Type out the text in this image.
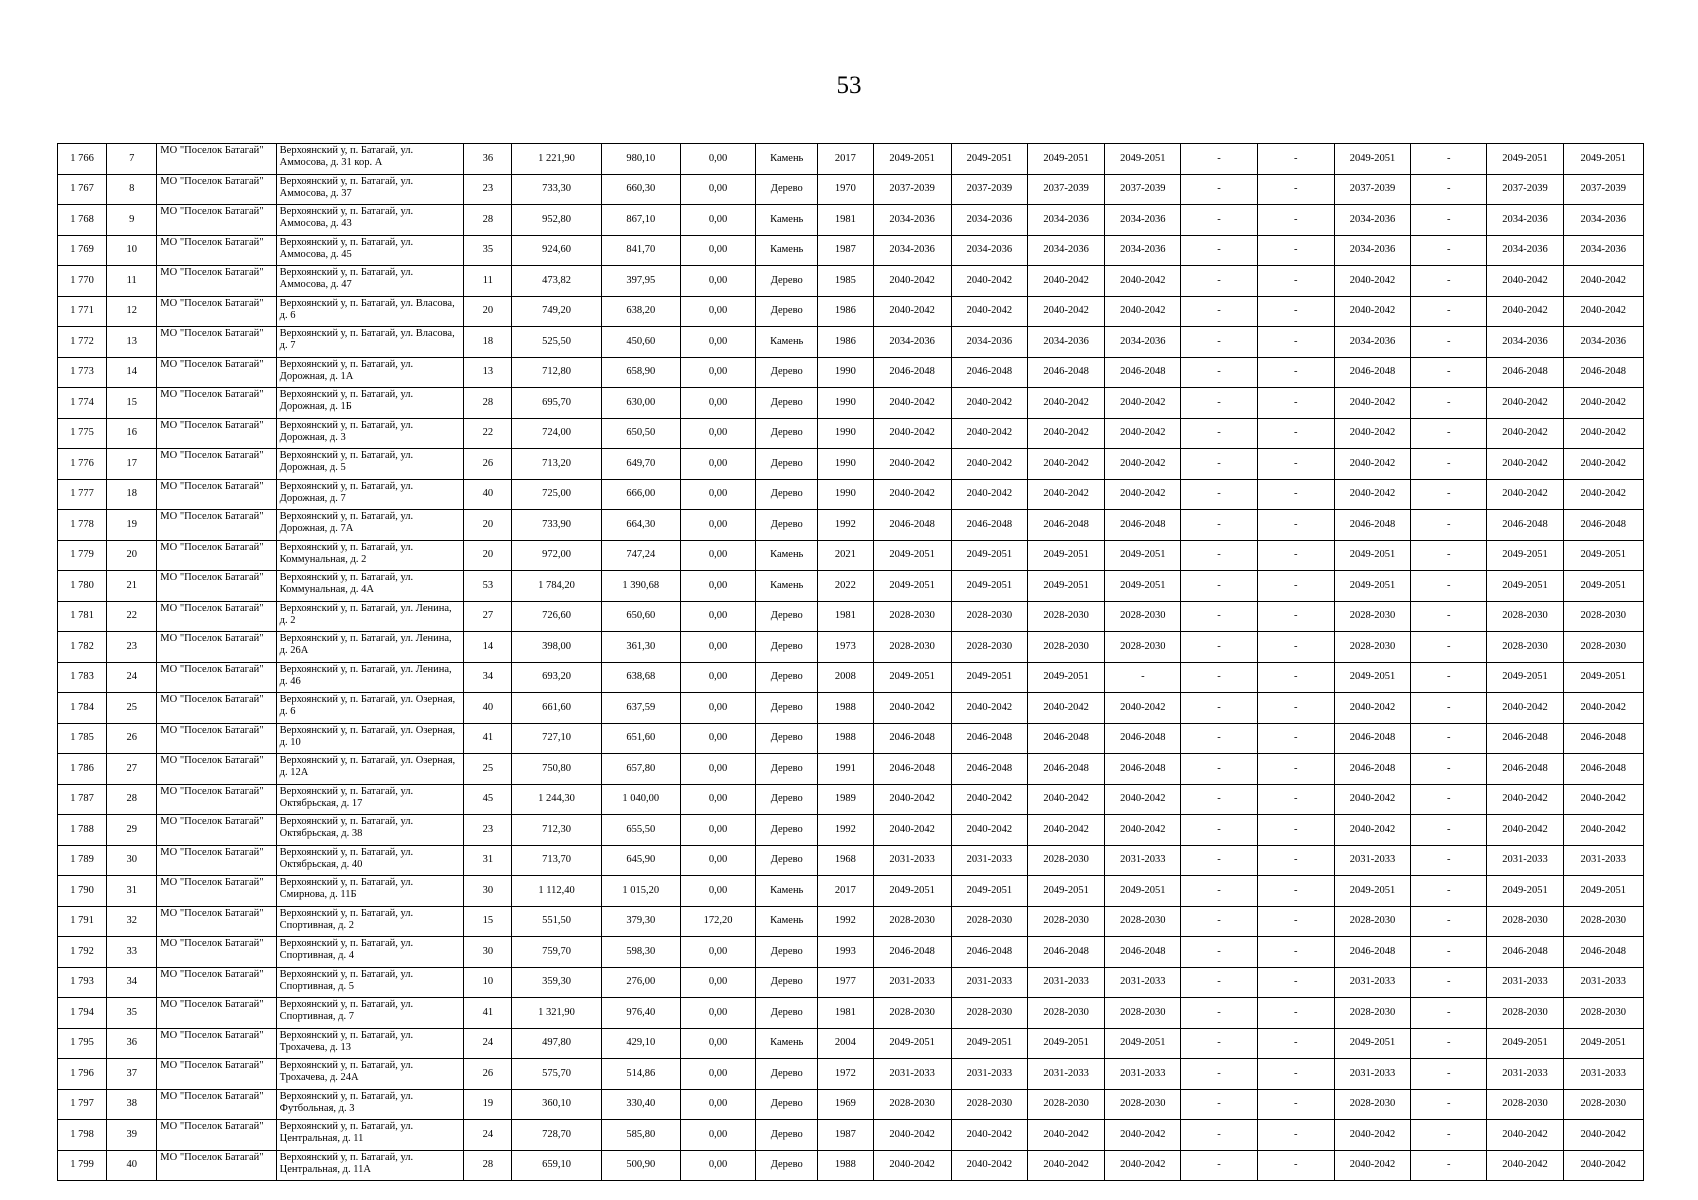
53
1 766	7	МО "Поселок Батагай"	Верхоянский у, п. Батагай, ул. Аммосова, д. 31 кор. А	36	1 221,90	980,10	0,00	Камень	2017	2049-2051	2049-2051	2049-2051	2049-2051	-	-	2049-2051	-	2049-2051	2049-2051
1 767	8	МО "Поселок Батагай"	Верхоянский у, п. Батагай, ул. Аммосова, д. 37	23	733,30	660,30	0,00	Дерево	1970	2037-2039	2037-2039	2037-2039	2037-2039	-	-	2037-2039	-	2037-2039	2037-2039
1 768	9	МО "Поселок Батагай"	Верхоянский у, п. Батагай, ул. Аммосова, д. 43	28	952,80	867,10	0,00	Камень	1981	2034-2036	2034-2036	2034-2036	2034-2036	-	-	2034-2036	-	2034-2036	2034-2036
1 769	10	МО "Поселок Батагай"	Верхоянский у, п. Батагай, ул. Аммосова, д. 45	35	924,60	841,70	0,00	Камень	1987	2034-2036	2034-2036	2034-2036	2034-2036	-	-	2034-2036	-	2034-2036	2034-2036
1 770	11	МО "Поселок Батагай"	Верхоянский у, п. Батагай, ул. Аммосова, д. 47	11	473,82	397,95	0,00	Дерево	1985	2040-2042	2040-2042	2040-2042	2040-2042	-	-	2040-2042	-	2040-2042	2040-2042
1 771	12	МО "Поселок Батагай"	Верхоянский у, п. Батагай, ул. Власова, д. 6	20	749,20	638,20	0,00	Дерево	1986	2040-2042	2040-2042	2040-2042	2040-2042	-	-	2040-2042	-	2040-2042	2040-2042
1 772	13	МО "Поселок Батагай"	Верхоянский у, п. Батагай, ул. Власова, д. 7	18	525,50	450,60	0,00	Камень	1986	2034-2036	2034-2036	2034-2036	2034-2036	-	-	2034-2036	-	2034-2036	2034-2036
1 773	14	МО "Поселок Батагай"	Верхоянский у, п. Батагай, ул. Дорожная, д. 1А	13	712,80	658,90	0,00	Дерево	1990	2046-2048	2046-2048	2046-2048	2046-2048	-	-	2046-2048	-	2046-2048	2046-2048
1 774	15	МО "Поселок Батагай"	Верхоянский у, п. Батагай, ул. Дорожная, д. 1Б	28	695,70	630,00	0,00	Дерево	1990	2040-2042	2040-2042	2040-2042	2040-2042	-	-	2040-2042	-	2040-2042	2040-2042
1 775	16	МО "Поселок Батагай"	Верхоянский у, п. Батагай, ул. Дорожная, д. 3	22	724,00	650,50	0,00	Дерево	1990	2040-2042	2040-2042	2040-2042	2040-2042	-	-	2040-2042	-	2040-2042	2040-2042
1 776	17	МО "Поселок Батагай"	Верхоянский у, п. Батагай, ул. Дорожная, д. 5	26	713,20	649,70	0,00	Дерево	1990	2040-2042	2040-2042	2040-2042	2040-2042	-	-	2040-2042	-	2040-2042	2040-2042
1 777	18	МО "Поселок Батагай"	Верхоянский у, п. Батагай, ул. Дорожная, д. 7	40	725,00	666,00	0,00	Дерево	1990	2040-2042	2040-2042	2040-2042	2040-2042	-	-	2040-2042	-	2040-2042	2040-2042
1 778	19	МО "Поселок Батагай"	Верхоянский у, п. Батагай, ул. Дорожная, д. 7А	20	733,90	664,30	0,00	Дерево	1992	2046-2048	2046-2048	2046-2048	2046-2048	-	-	2046-2048	-	2046-2048	2046-2048
1 779	20	МО "Поселок Батагай"	Верхоянский у, п. Батагай, ул. Коммунальная, д. 2	20	972,00	747,24	0,00	Камень	2021	2049-2051	2049-2051	2049-2051	2049-2051	-	-	2049-2051	-	2049-2051	2049-2051
1 780	21	МО "Поселок Батагай"	Верхоянский у, п. Батагай, ул. Коммунальная, д. 4А	53	1 784,20	1 390,68	0,00	Камень	2022	2049-2051	2049-2051	2049-2051	2049-2051	-	-	2049-2051	-	2049-2051	2049-2051
1 781	22	МО "Поселок Батагай"	Верхоянский у, п. Батагай, ул. Ленина, д. 2	27	726,60	650,60	0,00	Дерево	1981	2028-2030	2028-2030	2028-2030	2028-2030	-	-	2028-2030	-	2028-2030	2028-2030
1 782	23	МО "Поселок Батагай"	Верхоянский у, п. Батагай, ул. Ленина, д. 26А	14	398,00	361,30	0,00	Дерево	1973	2028-2030	2028-2030	2028-2030	2028-2030	-	-	2028-2030	-	2028-2030	2028-2030
1 783	24	МО "Поселок Батагай"	Верхоянский у, п. Батагай, ул. Ленина, д. 46	34	693,20	638,68	0,00	Дерево	2008	2049-2051	2049-2051	2049-2051	-	-	-	2049-2051	-	2049-2051	2049-2051
1 784	25	МО "Поселок Батагай"	Верхоянский у, п. Батагай, ул. Озерная, д. 6	40	661,60	637,59	0,00	Дерево	1988	2040-2042	2040-2042	2040-2042	2040-2042	-	-	2040-2042	-	2040-2042	2040-2042
1 785	26	МО "Поселок Батагай"	Верхоянский у, п. Батагай, ул. Озерная, д. 10	41	727,10	651,60	0,00	Дерево	1988	2046-2048	2046-2048	2046-2048	2046-2048	-	-	2046-2048	-	2046-2048	2046-2048
1 786	27	МО "Поселок Батагай"	Верхоянский у, п. Батагай, ул. Озерная, д. 12А	25	750,80	657,80	0,00	Дерево	1991	2046-2048	2046-2048	2046-2048	2046-2048	-	-	2046-2048	-	2046-2048	2046-2048
1 787	28	МО "Поселок Батагай"	Верхоянский у, п. Батагай, ул. Октябрьская, д. 17	45	1 244,30	1 040,00	0,00	Дерево	1989	2040-2042	2040-2042	2040-2042	2040-2042	-	-	2040-2042	-	2040-2042	2040-2042
1 788	29	МО "Поселок Батагай"	Верхоянский у, п. Батагай, ул. Октябрьская, д. 38	23	712,30	655,50	0,00	Дерево	1992	2040-2042	2040-2042	2040-2042	2040-2042	-	-	2040-2042	-	2040-2042	2040-2042
1 789	30	МО "Поселок Батагай"	Верхоянский у, п. Батагай, ул. Октябрьская, д. 40	31	713,70	645,90	0,00	Дерево	1968	2031-2033	2031-2033	2028-2030	2031-2033	-	-	2031-2033	-	2031-2033	2031-2033
1 790	31	МО "Поселок Батагай"	Верхоянский у, п. Батагай, ул. Смирнова, д. 11Б	30	1 112,40	1 015,20	0,00	Камень	2017	2049-2051	2049-2051	2049-2051	2049-2051	-	-	2049-2051	-	2049-2051	2049-2051
1 791	32	МО "Поселок Батагай"	Верхоянский у, п. Батагай, ул. Спортивная, д. 2	15	551,50	379,30	172,20	Камень	1992	2028-2030	2028-2030	2028-2030	2028-2030	-	-	2028-2030	-	2028-2030	2028-2030
1 792	33	МО "Поселок Батагай"	Верхоянский у, п. Батагай, ул. Спортивная, д. 4	30	759,70	598,30	0,00	Дерево	1993	2046-2048	2046-2048	2046-2048	2046-2048	-	-	2046-2048	-	2046-2048	2046-2048
1 793	34	МО "Поселок Батагай"	Верхоянский у, п. Батагай, ул. Спортивная, д. 5	10	359,30	276,00	0,00	Дерево	1977	2031-2033	2031-2033	2031-2033	2031-2033	-	-	2031-2033	-	2031-2033	2031-2033
1 794	35	МО "Поселок Батагай"	Верхоянский у, п. Батагай, ул. Спортивная, д. 7	41	1 321,90	976,40	0,00	Дерево	1981	2028-2030	2028-2030	2028-2030	2028-2030	-	-	2028-2030	-	2028-2030	2028-2030
1 795	36	МО "Поселок Батагай"	Верхоянский у, п. Батагай, ул. Трохачева, д. 13	24	497,80	429,10	0,00	Камень	2004	2049-2051	2049-2051	2049-2051	2049-2051	-	-	2049-2051	-	2049-2051	2049-2051
1 796	37	МО "Поселок Батагай"	Верхоянский у, п. Батагай, ул. Трохачева, д. 24А	26	575,70	514,86	0,00	Дерево	1972	2031-2033	2031-2033	2031-2033	2031-2033	-	-	2031-2033	-	2031-2033	2031-2033
1 797	38	МО "Поселок Батагай"	Верхоянский у, п. Батагай, ул. Футбольная, д. 3	19	360,10	330,40	0,00	Дерево	1969	2028-2030	2028-2030	2028-2030	2028-2030	-	-	2028-2030	-	2028-2030	2028-2030
1 798	39	МО "Поселок Батагай"	Верхоянский у, п. Батагай, ул. Центральная, д. 11	24	728,70	585,80	0,00	Дерево	1987	2040-2042	2040-2042	2040-2042	2040-2042	-	-	2040-2042	-	2040-2042	2040-2042
1 799	40	МО "Поселок Батагай"	Верхоянский у, п. Батагай, ул. Центральная, д. 11А	28	659,10	500,90	0,00	Дерево	1988	2040-2042	2040-2042	2040-2042	2040-2042	-	-	2040-2042	-	2040-2042	2040-2042
